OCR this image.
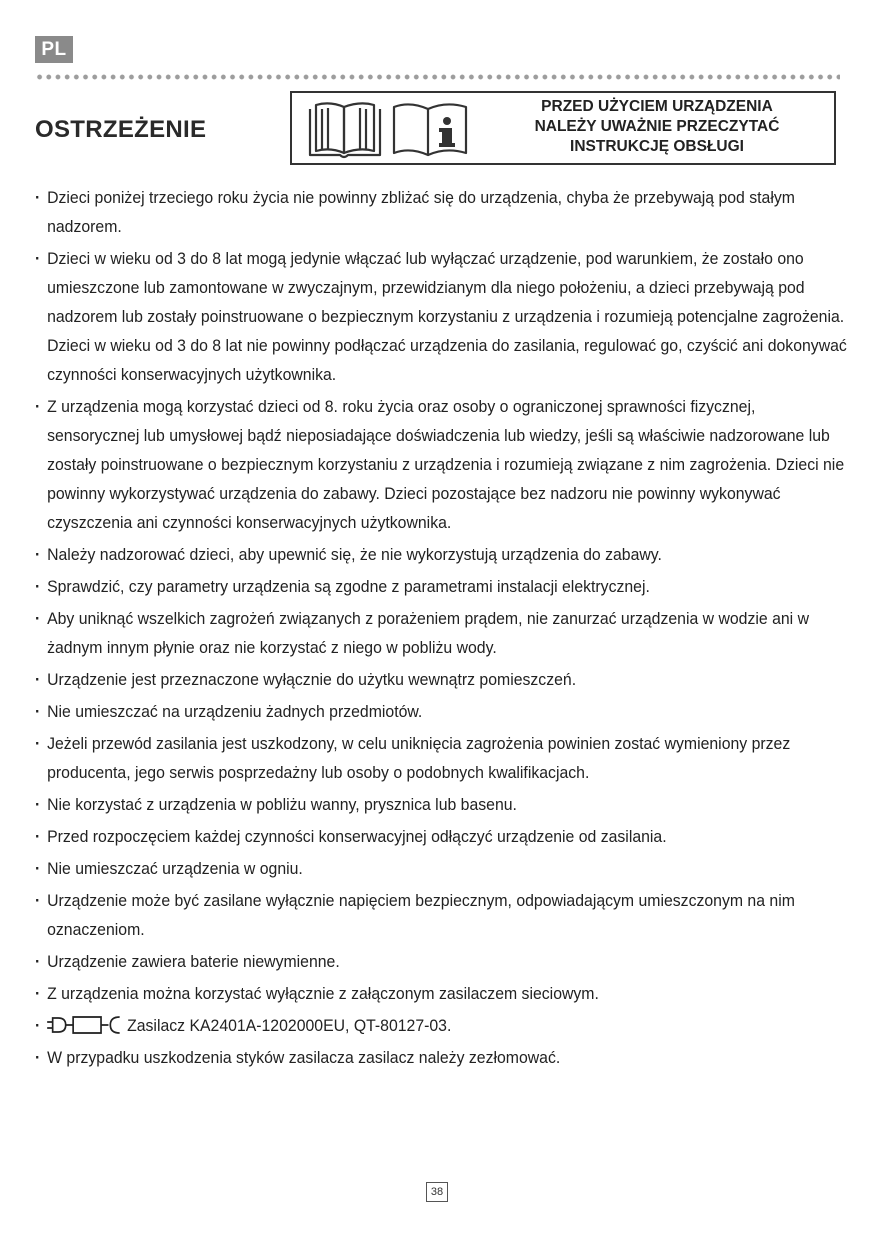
PL
OSTRZEŻENIE
PRZED UŻYCIEM URZĄDZENIA
NALEŻY UWAŻNIE PRZECZYTAĆ
INSTRUKCJĘ OBSŁUGI
· Dzieci poniżej trzeciego roku życia nie powinny zbliżać się do urządzenia, chyba że przebywają pod stałym nadzorem.
· Dzieci w wieku od 3 do 8 lat mogą jedynie włączać lub wyłączać urządzenie, pod warunkiem, że zostało ono umieszczone lub zamontowane w zwyczajnym, przewidzianym dla niego położeniu, a dzieci przebywają pod nadzorem lub zostały poinstruowane o bezpiecznym korzystaniu z urządzenia i rozumieją potencjalne zagrożenia. Dzieci w wieku od 3 do 8 lat nie powinny podłączać urządzenia do zasilania, regulować go, czyścić ani dokonywać czynności konserwacyjnych użytkownika.
· Z urządzenia mogą korzystać dzieci od 8. roku życia oraz osoby o ograniczonej sprawności fizycznej, sensorycznej lub umysłowej bądź nieposiadające doświadczenia lub wiedzy, jeśli są właściwie nadzorowane lub zostały poinstruowane o bezpiecznym korzystaniu z urządzenia i rozumieją związane z nim zagrożenia. Dzieci nie powinny wykorzystywać urządzenia do zabawy. Dzieci pozostające bez nadzoru nie powinny wykonywać czyszczenia ani czynności konserwacyjnych użytkownika.
· Należy nadzorować dzieci, aby upewnić się, że nie wykorzystują urządzenia do zabawy.
· Sprawdzić, czy parametry urządzenia są zgodne z parametrami instalacji elektrycznej.
· Aby uniknąć wszelkich zagrożeń związanych z porażeniem prądem, nie zanurzać urządzenia w wodzie ani w żadnym innym płynie oraz nie korzystać z niego w pobliżu wody.
· Urządzenie jest przeznaczone wyłącznie do użytku wewnątrz pomieszczeń.
· Nie umieszczać na urządzeniu żadnych przedmiotów.
· Jeżeli przewód zasilania jest uszkodzony, w celu uniknięcia zagrożenia powinien zostać wymieniony przez producenta, jego serwis posprzedażny lub osoby o podobnych kwalifikacjach.
· Nie korzystać z urządzenia w pobliżu wanny, prysznica lub basenu.
· Przed rozpoczęciem każdej czynności konserwacyjnej odłączyć urządzenie od zasilania.
· Nie umieszczać urządzenia w ogniu.
· Urządzenie może być zasilane wyłącznie napięciem bezpiecznym, odpowiadającym umieszczonym na nim oznaczeniom.
· Urządzenie zawiera baterie niewymienne.
· Z urządzenia można korzystać wyłącznie z załączonym zasilaczem sieciowym.
· Zasilacz KA2401A-1202000EU, QT-80127-03.
· W przypadku uszkodzenia styków zasilacza zasilacz należy zezłomować.
38
